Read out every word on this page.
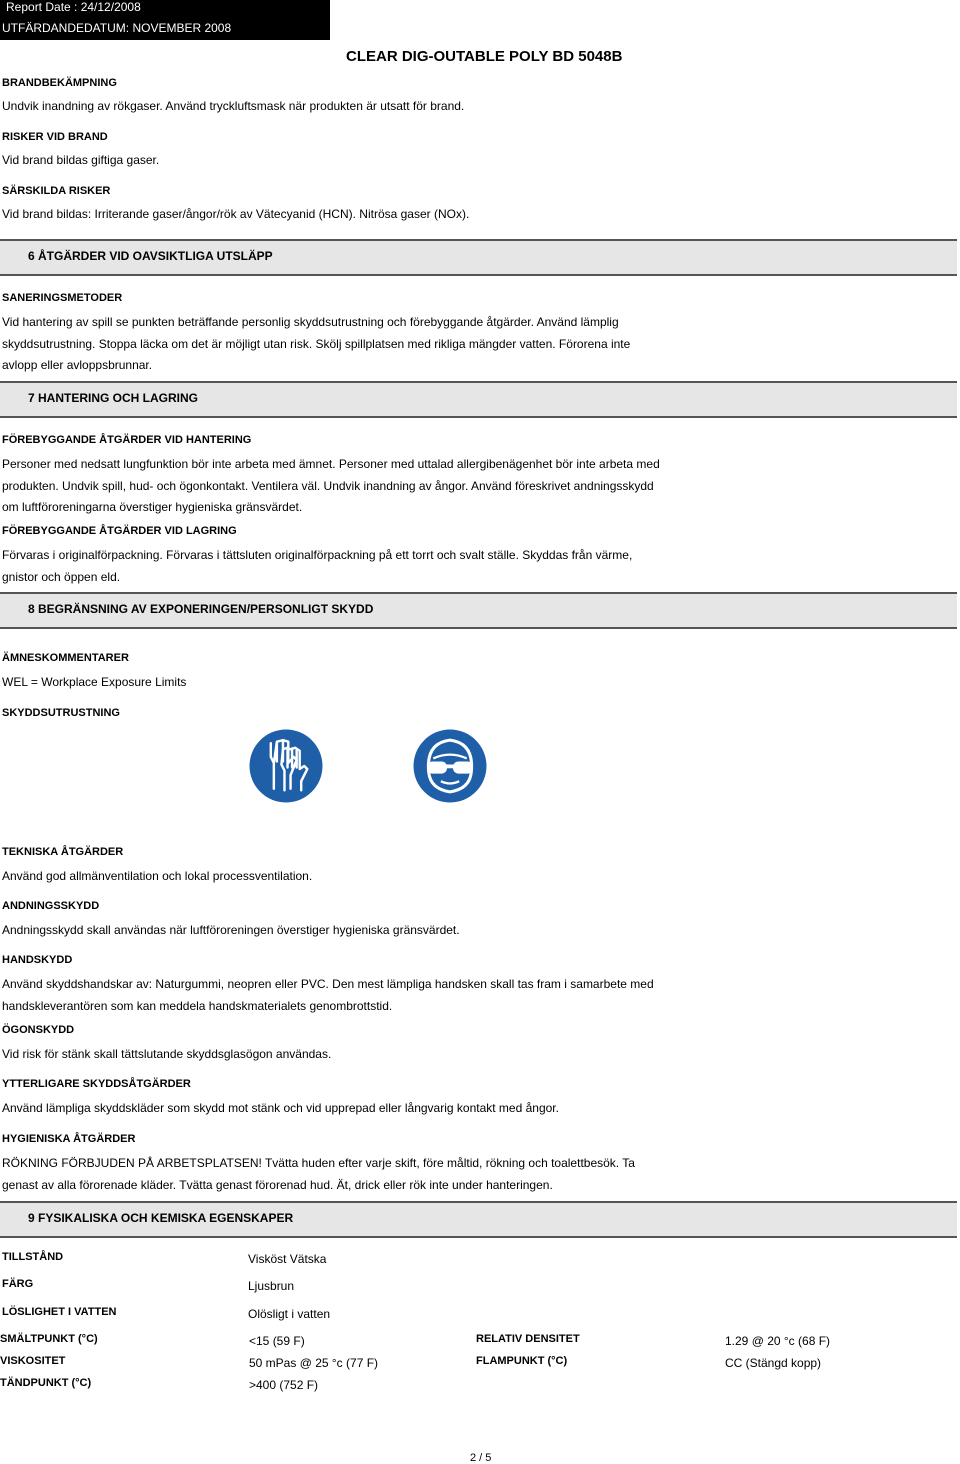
Report Date : 24/12/2008
UTFÄRDANDEDATUM: NOVEMBER 2008
CLEAR DIG-OUTABLE POLY BD 5048B
BRANDBEKÄMPNING
Undvik inandning av rökgaser. Använd tryckluftsmask när produkten är utsatt för brand.
RISKER VID BRAND
Vid brand bildas giftiga gaser.
SÄRSKILDA RISKER
Vid brand bildas: Irriterande gaser/ångor/rök av Vätecyanid (HCN). Nitrösa gaser (NOx).
6 ÅTGÄRDER VID OAVSIKTLIGA UTSLÄPP
SANERINGSMETODER
Vid hantering av spill se punkten beträffande personlig skyddsutrustning och förebyggande åtgärder. Använd lämplig skyddsutrustning. Stoppa läcka om det är möjligt utan risk. Skölj spillplatsen med rikliga mängder vatten. Förorena inte avlopp eller avloppsbrunnar.
7 HANTERING OCH LAGRING
FÖREBYGGANDE ÅTGÄRDER VID HANTERING
Personer med nedsatt lungfunktion bör inte arbeta med ämnet. Personer med uttalad allergibenägenhet bör inte arbeta med produkten. Undvik spill, hud- och ögonkontakt. Ventilera väl. Undvik inandning av ångor. Använd föreskrivet andningsskydd om luftföroreningarna överstiger hygieniska gränsvärdet.
FÖREBYGGANDE ÅTGÄRDER VID LAGRING
Förvaras i originalförpackning. Förvaras i tättsluten originalförpackning på ett torrt och svalt ställe. Skyddas från värme, gnistor och öppen eld.
8 BEGRÄNSNING AV EXPONERINGEN/PERSONLIGT SKYDD
ÄMNESKOMMENTARER
WEL = Workplace Exposure Limits
SKYDDSUTRUSTNING
TEKNISKA ÅTGÄRDER
Använd god allmänventilation och lokal processventilation.
ANDNINGSSKYDD
Andningsskydd skall användas när luftföroreningen överstiger hygieniska gränsvärdet.
HANDSKYDD
Använd skyddshandskar av: Naturgummi, neopren eller PVC. Den mest lämpliga handsken skall tas fram i samarbete med handskleverantören som kan meddela handskmaterialets genombrottstid.
ÖGONSKYDD
Vid risk för stänk skall tättslutande skyddsglasögon användas.
YTTERLIGARE SKYDDSÅTGÄRDER
Använd lämpliga skyddskläder som skydd mot stänk och vid upprepad eller långvarig kontakt med ångor.
HYGIENISKA ÅTGÄRDER
RÖKNING FÖRBJUDEN PÅ ARBETSPLATSEN! Tvätta huden efter varje skift, före måltid, rökning och toalettbesök. Ta genast av alla förorenade kläder. Tvätta genast förorenad hud. Ät, drick eller rök inte under hanteringen.
9 FYSIKALISKA OCH KEMISKA EGENSKAPER
TILLSTÅND	Visköst Vätska
FÄRG	Ljusbrun
LÖSLIGHET I VATTEN	Olösligt i vatten
SMÄLTPUNKT (°C)	<15 (59 F)	RELATIV DENSITET	1.29 @ 20 °c (68 F)
VISKOSITET	50 mPas @ 25 °c (77 F)	FLAMPUNKT (°C)	CC (Stängd kopp)
TÄNDPUNKT (°C)	>400 (752 F)
2 / 5
